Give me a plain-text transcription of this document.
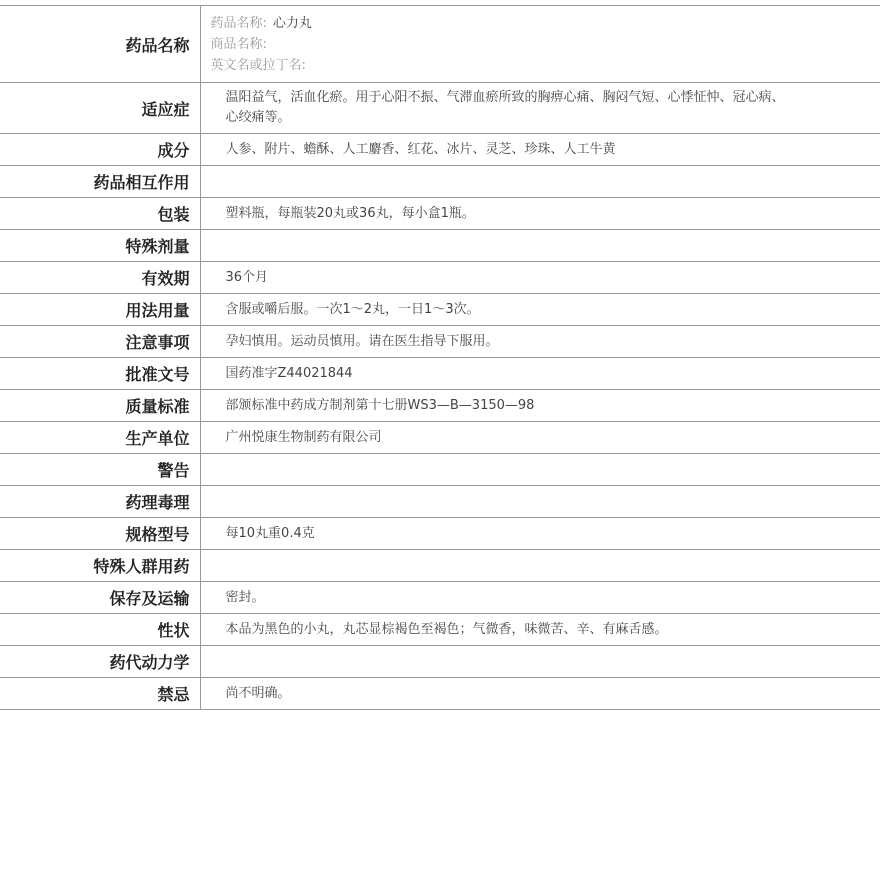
药品名称	药品名称: 心力丸
商品名称:
英文名或拉丁名:

适应症	温阳益气，活血化瘀。用于心阳不振、气滞血瘀所致的胸痹心痛、胸闷气短、心悸怔忡、冠心病、心绞痛等。

成分	人参、附片、蟾酥、人工麝香、红花、冰片、灵芝、珍珠、人工牛黄
药品相互作用	
包装	塑料瓶，每瓶装20丸或36丸，每小盒1瓶。
特殊剂量	
有效期	36个月
用法用量	含服或嚼后服。一次1～2丸，一日1～3次。
注意事项	孕妇慎用。运动员慎用。请在医生指导下服用。
批准文号	国药准字Z44021844
质量标准	部颁标准中药成方制剂第十七册WS3—B—3150—98
生产单位	广州悦康生物制药有限公司
警告	
药理毒理	
规格型号	每10丸重0.4克
特殊人群用药	
保存及运输	密封。
性状	本品为黑色的小丸，丸芯显棕褐色至褐色；气微香，味微苦、辛、有麻舌感。
药代动力学	
禁忌	尚不明确。
